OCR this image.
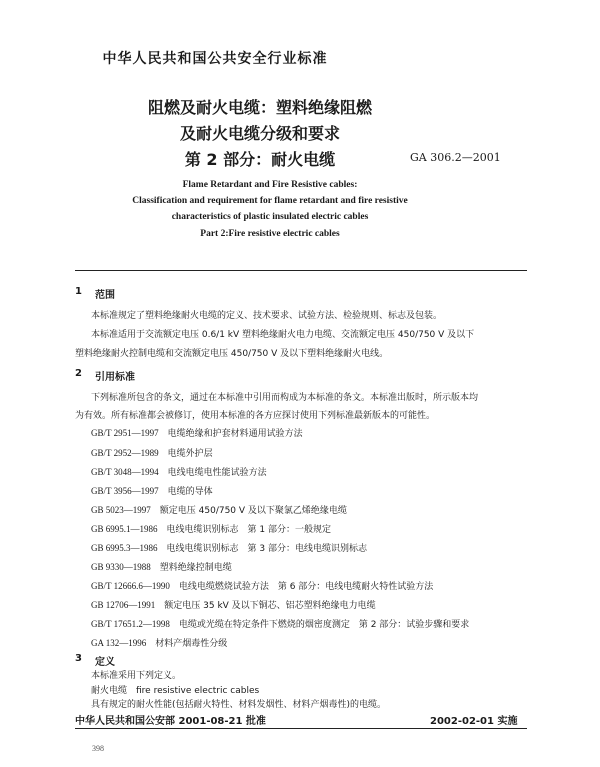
中华人民共和国公共安全行业标准
阻燃及耐火电缆：塑料绝缘阻燃
及耐火电缆分级和要求
第 2 部分：耐火电缆	GA 306.2—2001
Flame Retardant and Fire Resistive cables:
Classification and requirement for flame retardant and fire resistive
characteristics of plastic insulated electric cables
Part 2:Fire resistive electric cables
1 范围
本标准规定了塑料绝缘耐火电缆的定义、技术要求、试验方法、检验规则、标志及包装。
本标准适用于交流额定电压 0.6/1 kV 塑料绝缘耐火电力电缆、交流额定电压 450/750 V 及以下
塑料绝缘耐火控制电缆和交流额定电压 450/750 V 及以下塑料绝缘耐火电线。
2 引用标准
下列标准所包含的条文，通过在本标准中引用而构成为本标准的条文。本标准出版时，所示版本均
为有效。所有标准都会被修订，使用本标准的各方应探讨使用下列标准最新版本的可能性。
GB/T 2951—1997　 电缆绝缘和护套材料通用试验方法
GB/T 2952—1989　 电缆外护层
GB/T 3048—1994　 电线电缆电性能试验方法
GB/T 3956—1997　 电缆的导体
GB 5023—1997　 额定电压 450/750 V 及以下聚氯乙烯绝缘电缆
GB 6995.1—1986　 电线电缆识别标志　第 1 部分：一般规定
GB 6995.3—1986　 电线电缆识别标志　第 3 部分：电线电缆识别标志
GB 9330—1988　 塑料绝缘控制电缆
GB/T 12666.6—1990　 电线电缆燃烧试验方法　第 6 部分：电线电缆耐火特性试验方法
GB 12706—1991　 额定电压 35 kV 及以下铜芯、铝芯塑料绝缘电力电缆
GB/T 17651.2—1998　 电缆或光缆在特定条件下燃烧的烟密度测定　第 2 部分：试验步骤和要求
GA 132—1996　 材料产烟毒性分级
3 定义
本标准采用下列定义。
耐火电缆　fire resistive electric cables
具有规定的耐火性能(包括耐火特性、材料发烟性、材料产烟毒性)的电缆。
中华人民共和国公安部 2001-08-21 批准	2002-02-01 实施
398
